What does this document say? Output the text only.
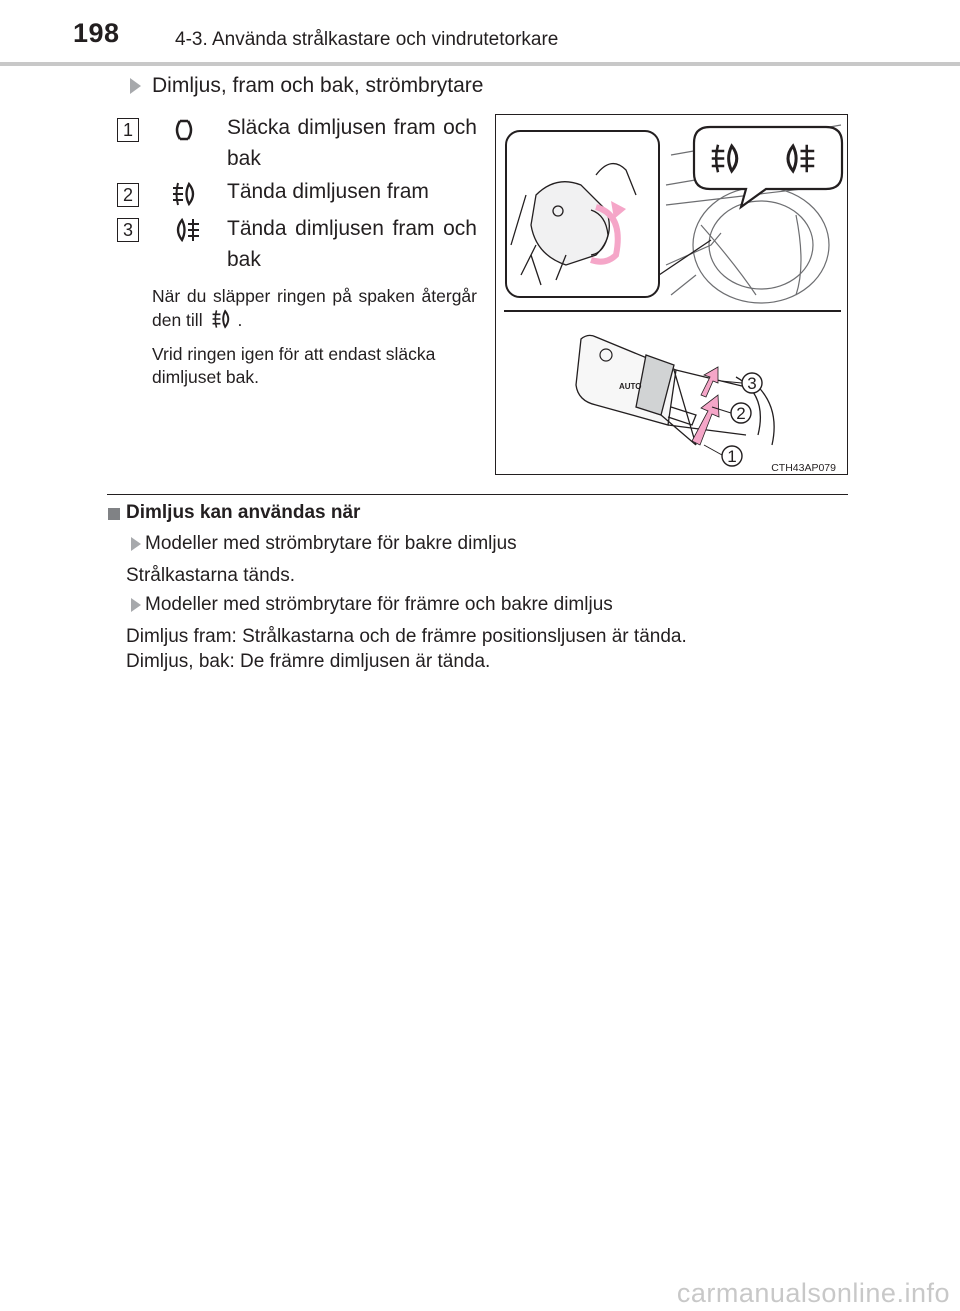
198	4-3. Använda strålkastare och vindrutetorkare
Dimljus, fram och bak, strömbrytare
1	Släcka dimljusen fram och bak
2	Tända dimljusen fram
3	Tända dimljusen fram och bak
När du släpper ringen på spaken återgår den till .
Vrid ringen igen för att endast släcka dimljuset bak.	AUTO	3
2
1
CTH43AP079
Dimljus kan användas när
Modeller med strömbrytare för bakre dimljus
Strålkastarna tänds.
Modeller med strömbrytare för främre och bakre dimljus
Dimljus fram: Strålkastarna och de främre positionsljusen är tända.
Dimljus, bak: De främre dimljusen är tända.
carmanualsonline.info
